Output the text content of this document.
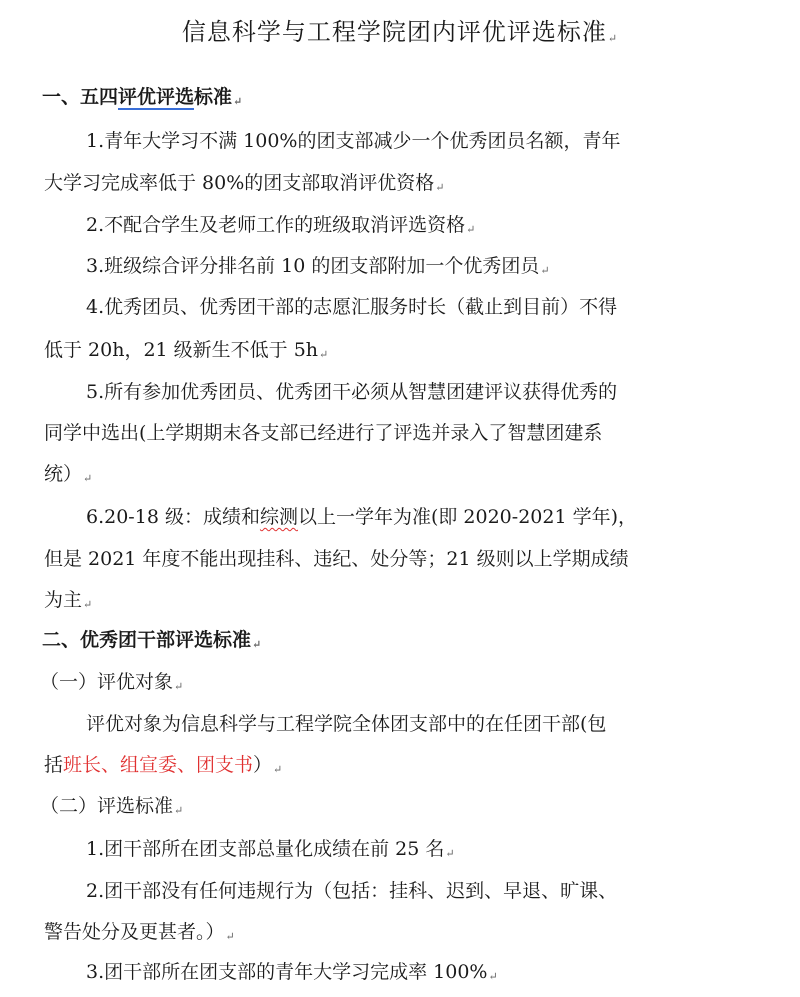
信息科学与工程学院团内评优评选标准↵
一、五四评优评选标准↵
1.青年大学习不满 100%的团支部减少一个优秀团员名额，青年
大学习完成率低于 80%的团支部取消评优资格↵
2.不配合学生及老师工作的班级取消评选资格↵
3.班级综合评分排名前 10 的团支部附加一个优秀团员↵
4.优秀团员、优秀团干部的志愿汇服务时长（截止到目前）不得
低于 20h，21 级新生不低于 5h↵
5.所有参加优秀团员、优秀团干必须从智慧团建评议获得优秀的
同学中选出(上学期期末各支部已经进行了评选并录入了智慧团建系
统）↵
6.20-18 级：成绩和综测以上一学年为准(即 2020-2021 学年)，
但是 2021 年度不能出现挂科、违纪、处分等；21 级则以上学期成绩
为主↵
二、优秀团干部评选标准↵
（一）评优对象↵
评优对象为信息科学与工程学院全体团支部中的在任团干部(包
括班长、组宣委、团支书）↵
（二）评选标准↵
1.团干部所在团支部总量化成绩在前 25 名↵
2.团干部没有任何违规行为（包括：挂科、迟到、早退、旷课、
警告处分及更甚者。）↵
3.团干部所在团支部的青年大学习完成率 100%↵
